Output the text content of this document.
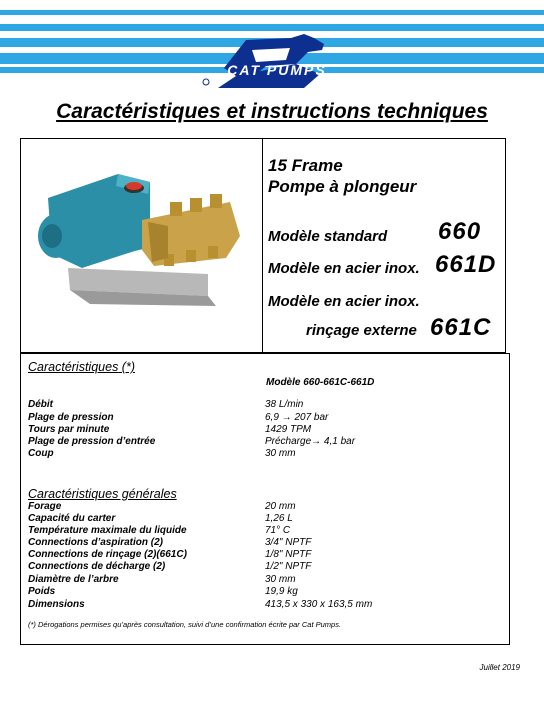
CAT PUMPS
Caractéristiques et instructions techniques
15 Frame
Pompe à plongeur
Modèle standard 660
Modèle en acier inox. 661D
Modèle en acier inox.
rinçage externe 661C
Caractéristiques (*)
Modèle 660-661C-661D
Débit	38 L/min
Plage de pression	6,9 → 207 bar
Tours par minute	1429 TPM
Plage de pression d’entrée	Précharge→ 4,1 bar
Coup	30 mm
Caractéristiques générales
Forage	20 mm
Capacité du carter	1,26 L
Température maximale du liquide	71° C
Connections d’aspiration (2)	3/4" NPTF
Connections de rinçage (2)(661C)	1/8" NPTF
Connections de décharge (2)	1/2" NPTF
Diamètre de l’arbre	30 mm
Poids	19,9 kg
Dimensions	413,5 x 330 x 163,5 mm
(*) Dérogations permises qu’après consultation, suivi d’une confirmation écrite par Cat Pumps.
Juillet 2019
